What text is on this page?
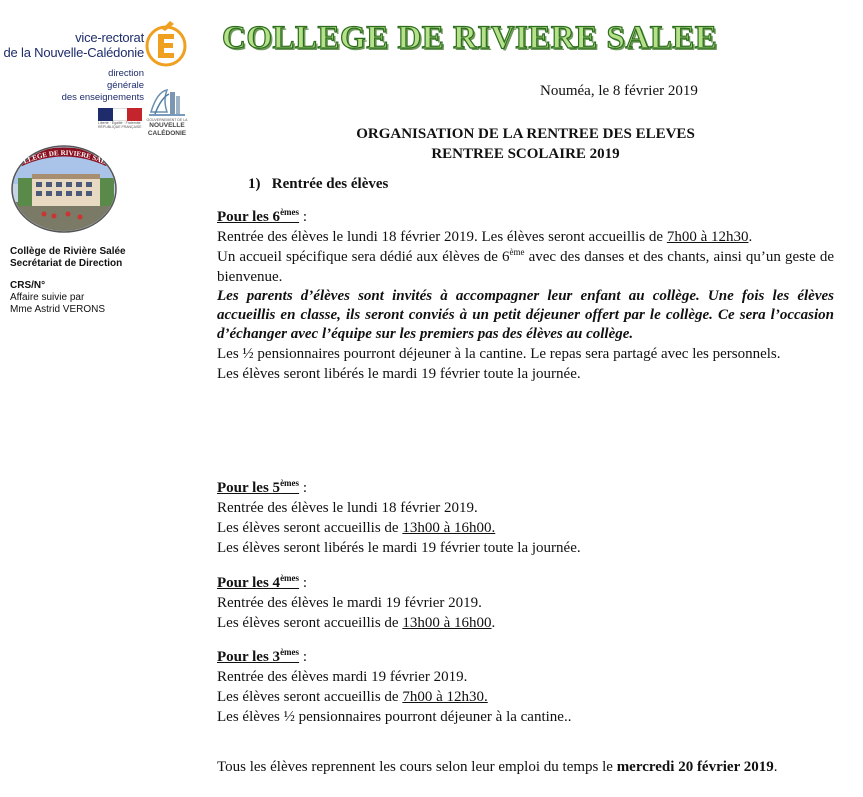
vice-rectorat
de la Nouvelle-Calédonie
direction
générale
des enseignements
Liberté · Égalité · Fraternité
RÉPUBLIQUE FRANÇAISE
GOUVERNEMENT DE LA
NOUVELLE
CALÉDONIE
LLEGE DE RIVIERE SAL
Collège de Rivière Salée
Secrétariat de Direction
CRS/N°
Affaire suivie par
Mme Astrid VERONS
COLLEGE DE RIVIERE SALEE
Nouméa, le 8 février 2019
ORGANISATION DE LA RENTREE DES ELEVES
RENTREE SCOLAIRE 2019
1) Rentrée des élèves

Pour les 6èmes :

Rentrée des élèves le lundi 18 février 2019. Les élèves seront accueillis de 7h00 à 12h30.

Un accueil spécifique sera dédié aux élèves de 6ème avec des danses et des chants, ainsi qu’un geste de bienvenue.

Les parents d’élèves sont invités à accompagner leur enfant au collège. Une fois les élèves accueillis en classe, ils seront conviés à un petit déjeuner offert par le collège. Ce sera l’occasion d’échanger avec l’équipe sur les premiers pas des élèves au collège.

Les ½ pensionnaires pourront déjeuner à la cantine. Le repas sera partagé avec les personnels.

Les élèves seront libérés le mardi 19 février toute la journée.

Pour les 5èmes :

Rentrée des élèves le lundi 18 février 2019.

Les élèves seront accueillis de 13h00 à 16h00.

Les élèves seront libérés le mardi 19 février toute la journée.

Pour les 4èmes :

Rentrée des élèves le mardi 19 février 2019.

Les élèves seront accueillis de 13h00 à 16h00.

Pour les 3èmes :

Rentrée des élèves mardi 19 février 2019.

Les élèves seront accueillis de 7h00 à 12h30.

Les élèves ½ pensionnaires pourront déjeuner à la cantine..

Tous les élèves reprennent les cours selon leur emploi du temps le mercredi 20 février 2019.
